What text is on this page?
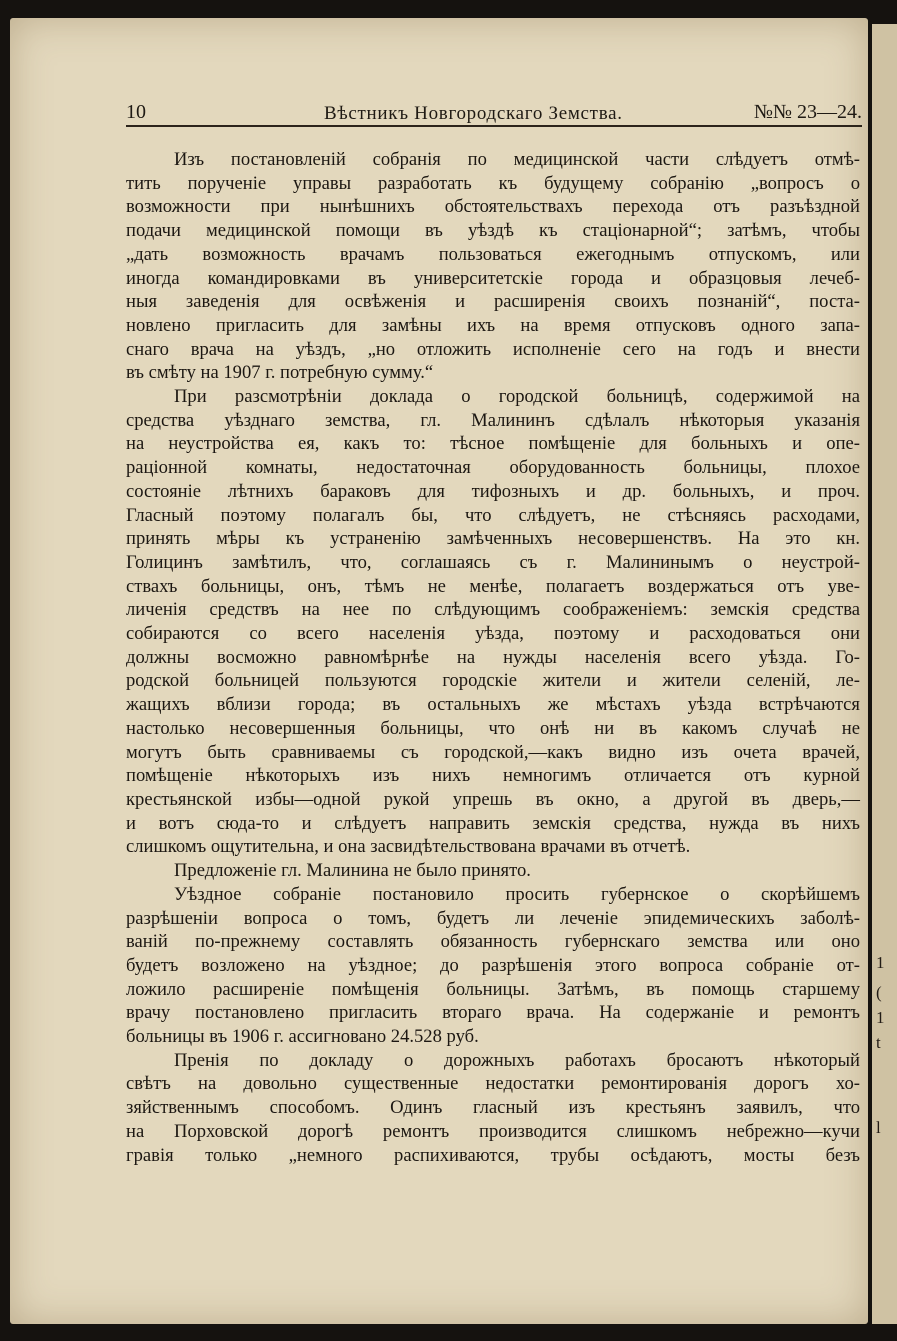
1
(
1
t
l
10	Вѣстникъ Новгородскаго Земства.	№№ 23—24.

Изъ постановленій собранія по медицинской части слѣдуетъ отмѣ-
тить порученіе управы разработать къ будущему собранію „вопросъ о
возможности при нынѣшнихъ обстоятельствахъ перехода отъ разъѣздной
подачи медицинской помощи въ уѣздѣ къ стаціонарной“; затѣмъ, чтобы
„дать возможность врачамъ пользоваться ежегоднымъ отпускомъ, или
иногда командировками въ университетскіе города и образцовыя лечеб-
ныя заведенія для освѣженія и расширенія своихъ познаній“, поста-
новлено пригласить для замѣны ихъ на время отпусковъ одного запа-
снаго врача на уѣздъ, „но отложить исполненіе сего на годъ и внести
въ смѣту на 1907 г. потребную сумму.“

При разсмотрѣніи доклада о городской больницѣ, содержимой на
средства уѣзднаго земства, гл. Малининъ сдѣлалъ нѣкоторыя указанія
на неустройства ея, какъ то: тѣсное помѣщеніе для больныхъ и опе-
раціонной комнаты, недостаточная оборудованность больницы, плохое
состояніе лѣтнихъ бараковъ для тифозныхъ и др. больныхъ, и проч.
Гласный поэтому полагалъ бы, что слѣдуетъ, не стѣсняясь расходами,
принять мѣры къ устраненію замѣченныхъ несовершенствъ. На это кн.
Голицинъ замѣтилъ, что, соглашаясь съ г. Малининымъ о неустрой-
ствахъ больницы, онъ, тѣмъ не менѣе, полагаетъ воздержаться отъ уве-
личенія средствъ на нее по слѣдующимъ соображеніемъ: земскія средства
собираются со всего населенія уѣзда, поэтому и расходоваться они
должны восможно равномѣрнѣе на нужды населенія всего уѣзда. Го-
родской больницей пользуются городскіе жители и жители селеній, ле-
жащихъ вблизи города; въ остальныхъ же мѣстахъ уѣзда встрѣчаются
настолько несовершенныя больницы, что онѣ ни въ какомъ случаѣ не
могутъ быть сравниваемы съ городской,—какъ видно изъ очета врачей,
помѣщеніе нѣкоторыхъ изъ нихъ немногимъ отличается отъ курной
крестьянской избы—одной рукой упрешь въ окно, а другой въ дверь,—
и вотъ сюда-то и слѣдуетъ направить земскія средства, нужда въ нихъ
слишкомъ ощутительна, и она засвидѣтельствована врачами въ отчетѣ.

Предложеніе гл. Малинина не было принято.

Уѣздное собраніе постановило просить губернское о скорѣйшемъ
разрѣшеніи вопроса о томъ, будетъ ли леченіе эпидемическихъ заболѣ-
ваній по-прежнему составлять обязанность губернскаго земства или оно
будетъ возложено на уѣздное; до разрѣшенія этого вопроса собраніе от-
ложило расширеніе помѣщенія больницы. Затѣмъ, въ помощь старшему
врачу постановлено пригласить втораго врача. На содержаніе и ремонтъ
больницы въ 1906 г. ассигновано 24.528 руб.

Пренія по докладу о дорожныхъ работахъ бросаютъ нѣкоторый
свѣтъ на довольно существенные недостатки ремонтированія дорогъ хо-
зяйственнымъ способомъ. Одинъ гласный изъ крестьянъ заявилъ, что
на Порховской дорогѣ ремонтъ производится слишкомъ небрежно—кучи
гравія только „немного распихиваются, трубы осѣдаютъ, мосты безъ
